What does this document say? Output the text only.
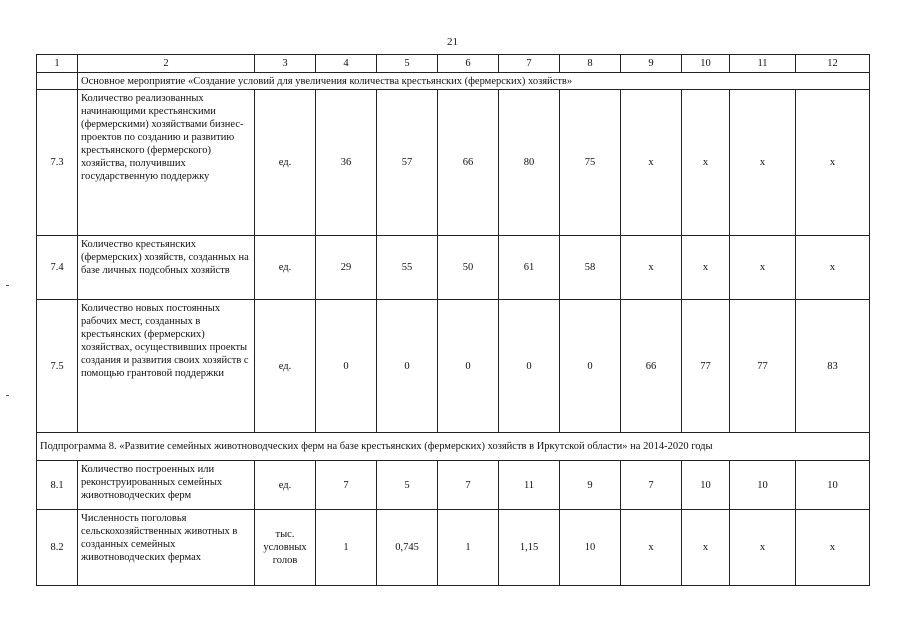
21
1	2	3	4	5	6	7	8	9	10	11	12
	Основное мероприятие «Создание условий для увеличения количества крестьянских (фермерских) хозяйств»										
7.3	Количество реализованных начинающими крестьянскими (фермерскими) хозяйствами бизнес-проектов по созданию и развитию крестьянского (фермерского) хозяйства, получивших государственную поддержку	ед.	36	57	66	80	75	x	x	x	x
7.4	Количество крестьянских (фермерских) хозяйств, созданных на базе личных подсобных хозяйств	ед.	29	55	50	61	58	x	x	x	x
7.5	Количество новых постоянных рабочих мест, созданных в крестьянских (фермерских) хозяйствах, осуществивших проекты создания и развития своих хозяйств с помощью грантовой поддержки	ед.	0	0	0	0	0	66	77	77	83
Подпрограмма 8. «Развитие семейных животноводческих ферм на базе крестьянских (фермерских) хозяйств в Иркутской области» на 2014-2020 годы											
8.1	Количество построенных или реконструированных семейных животноводческих ферм	ед.	7	5	7	11	9	7	10	10	10
8.2	Численность поголовья сельскохозяйственных животных в созданных семейных животноводческих фермах	тыс. условных голов	1	0,745	1	1,15	10	x	x	x	x
